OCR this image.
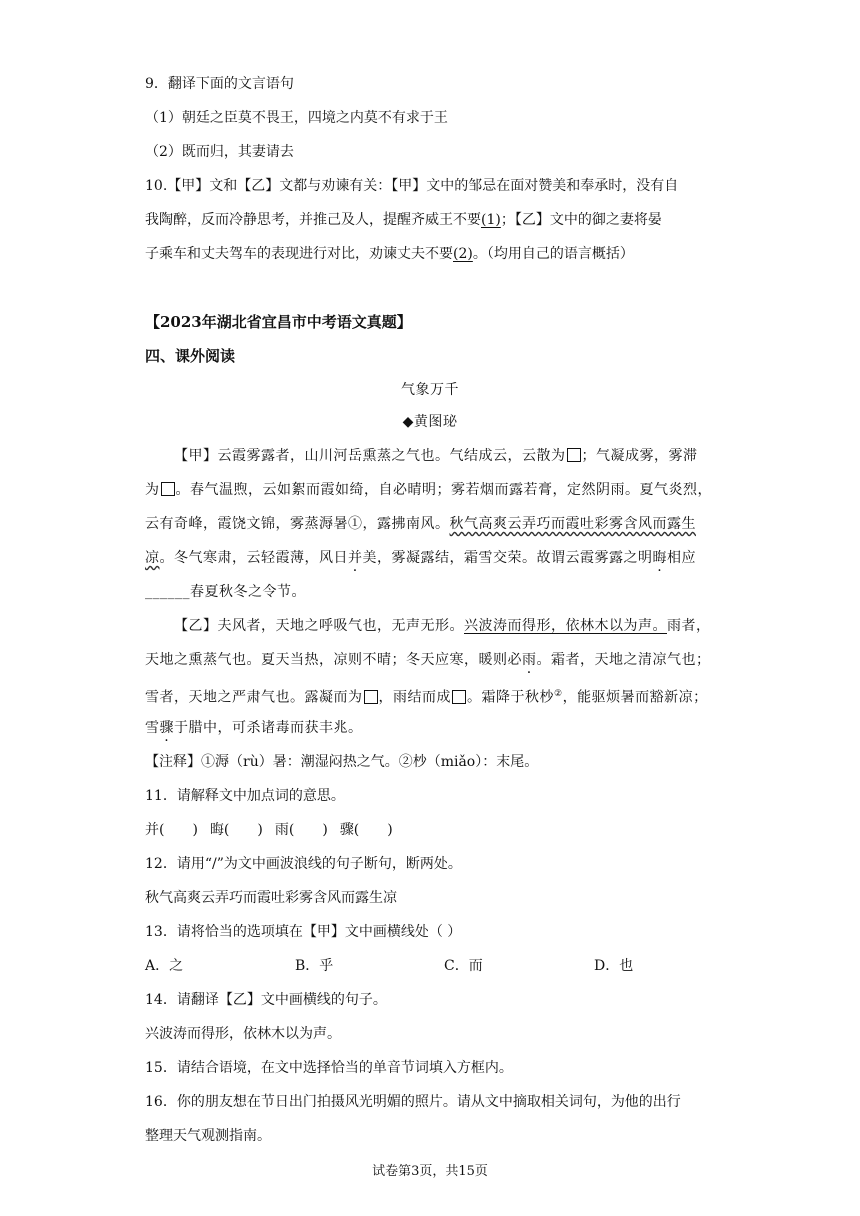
9．翻译下面的文言语句
（1）朝廷之臣莫不畏王，四境之内莫不有求于王
（2）既而归，其妻请去
10.【甲】文和【乙】文都与劝谏有关：【甲】文中的邹忌在面对赞美和奉承时，没有自
我陶醉，反而冷静思考，并推己及人，提醒齐威王不要(1)；【乙】文中的御之妻将晏
子乘车和丈夫驾车的表现进行对比，劝谏丈夫不要(2)。（均用自己的语言概括）
【2023年湖北省宜昌市中考语文真题】
四、课外阅读
气象万千
◆黄图珌
【甲】云霞雾露者，山川河岳熏蒸之气也。气结成云，云散为 ；气凝成雾，雾滞
为 。春气温煦，云如絮而霞如绮，自必晴明；雾若烟而露若膏，定然阴雨。夏气炎烈，
云有奇峰，霞饶文锦，雾蒸溽暑①，露拂南风。秋气高爽云弄巧而霞吐彩雾含风而露生
凉。冬气寒肃，云轻霞薄，风日并美，雾凝露结，霜雪交荣。故谓云霞雾露之明晦相应
______春夏秋冬之令节。
【乙】夫风者，天地之呼吸气也，无声无形。兴波涛而得形，依林木以为声。雨者，
天地之熏蒸气也。夏天当热，凉则不晴；冬天应寒，暖则必雨。霜者，天地之清凉气也；
雪者，天地之严肃气也。露凝而为 ，雨结而成 。霜降于秋杪②，能驱烦暑而豁新凉；
雪骤于腊中，可杀诸毒而获丰兆。
【注释】①溽（rù）暑：潮湿闷热之气。②杪（miǎo）：末尾。
11．请解释文中加点词的意思。
并( ) 晦( ) 雨( ) 骤( )
12．请用“/”为文中画波浪线的句子断句，断两处。
秋气高爽云弄巧而霞吐彩雾含风而露生凉
13．请将恰当的选项填在【甲】文中画横线处（ ）
A．之	B．乎	C．而	D．也
14．请翻译【乙】文中画横线的句子。
兴波涛而得形，依林木以为声。
15．请结合语境，在文中选择恰当的单音节词填入方框内。
16．你的朋友想在节日出门拍摄风光明媚的照片。请从文中摘取相关词句，为他的出行
整理天气观测指南。
试卷第3页，共15页
